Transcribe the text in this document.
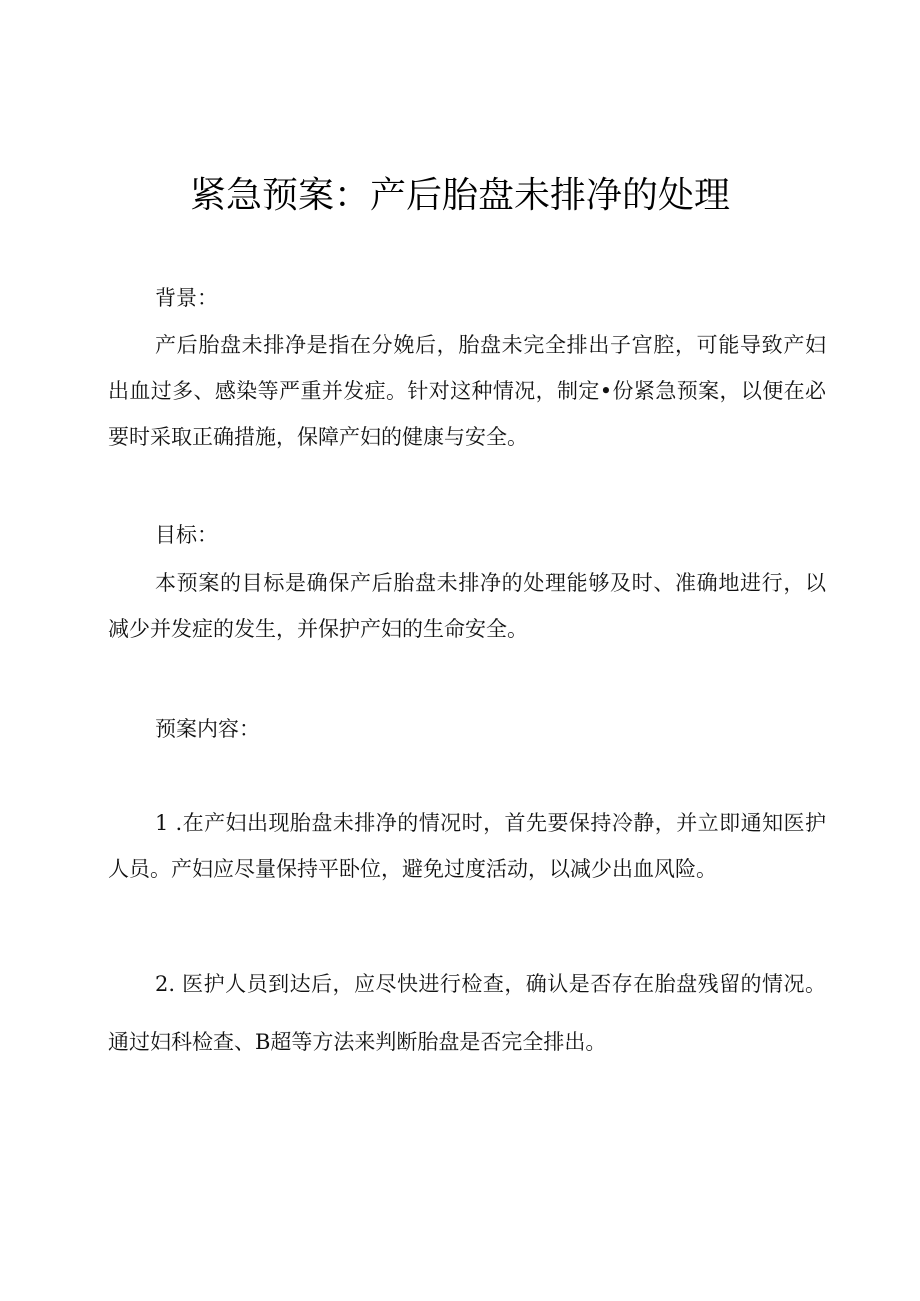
紧急预案：产后胎盘未排净的处理
背景：

产后胎盘未排净是指在分娩后，胎盘未完全排出子宫腔，可能导致产妇出血过多、感染等严重并发症。针对这种情况，制定•份紧急预案，以便在必要时采取正确措施，保障产妇的健康与安全。

目标：

本预案的目标是确保产后胎盘未排净的处理能够及时、准确地进行，以减少并发症的发生，并保护产妇的生命安全。

预案内容：

1 .在产妇出现胎盘未排净的情况时，首先要保持冷静，并立即通知医护人员。产妇应尽量保持平卧位，避免过度活动，以减少出血风险。

2. 医护人员到达后，应尽快进行检查，确认是否存在胎盘残留的情况。通过妇科检查、B超等方法来判断胎盘是否完全排出。
